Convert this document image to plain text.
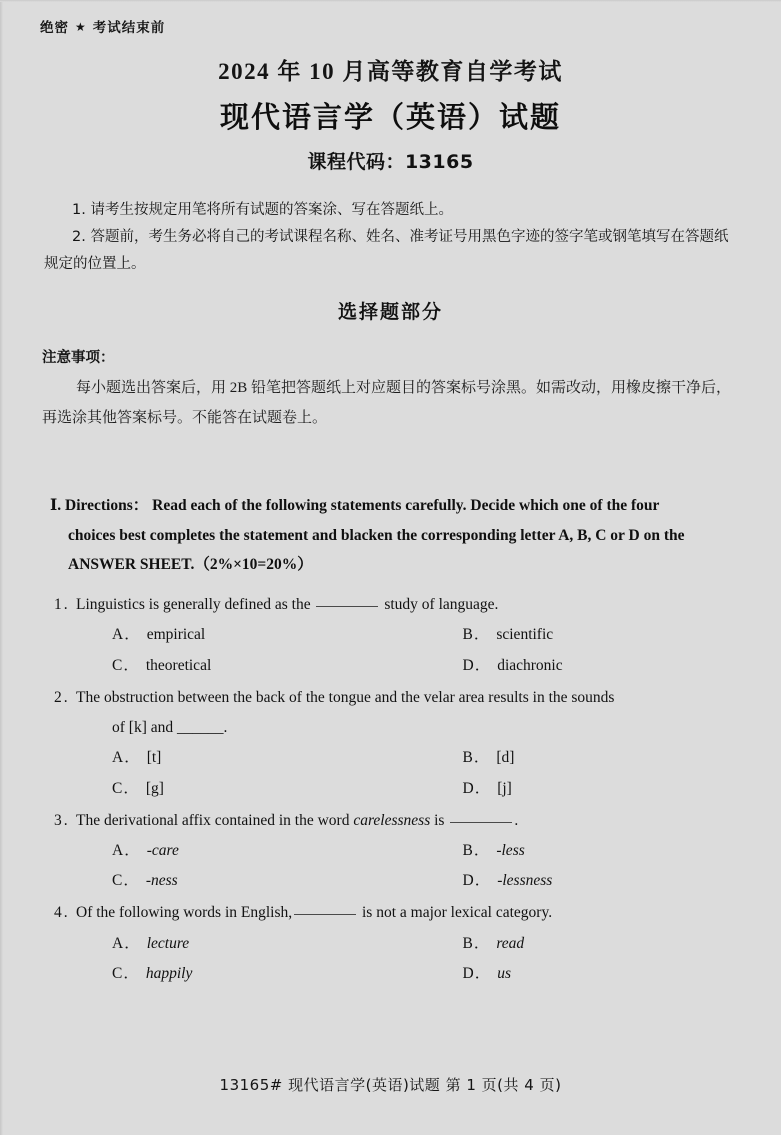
绝密 ★ 考试结束前
2024 年 10 月高等教育自学考试
现代语言学（英语）试题
课程代码：13165
1. 请考生按规定用笔将所有试题的答案涂、写在答题纸上。
2. 答题前，考生务必将自己的考试课程名称、姓名、准考证号用黑色字迹的签字笔或钢笔填写在答题纸规定的位置上。
选择题部分
注意事项：
每小题选出答案后，用 2B 铅笔把答题纸上对应题目的答案标号涂黑。如需改动，用橡皮擦干净后，再选涂其他答案标号。不能答在试题卷上。
Ⅰ. Directions： Read each of the following statements carefully. Decide which one of the four choices best completes the statement and blacken the corresponding letter A, B, C or D on the ANSWER SHEET.（2%×10=20%）
1. Linguistics is generally defined as the	study of language.
A． empirical	B． scientific
C． theoretical	D． diachronic
2. The obstruction between the back of the tongue and the velar area results in the sounds
of [k] and ______.
A． [t]	B． [d]
C． [g]	D． [j]
3. The derivational affix contained in the word carelessness is	.
A． -care	B． -less
C． -ness	D． -lessness
4. Of the following words in English,	is not a major lexical category.
A． lecture	B． read
C． happily	D． us
13165# 现代语言学(英语)试题 第 1 页(共 4 页)
